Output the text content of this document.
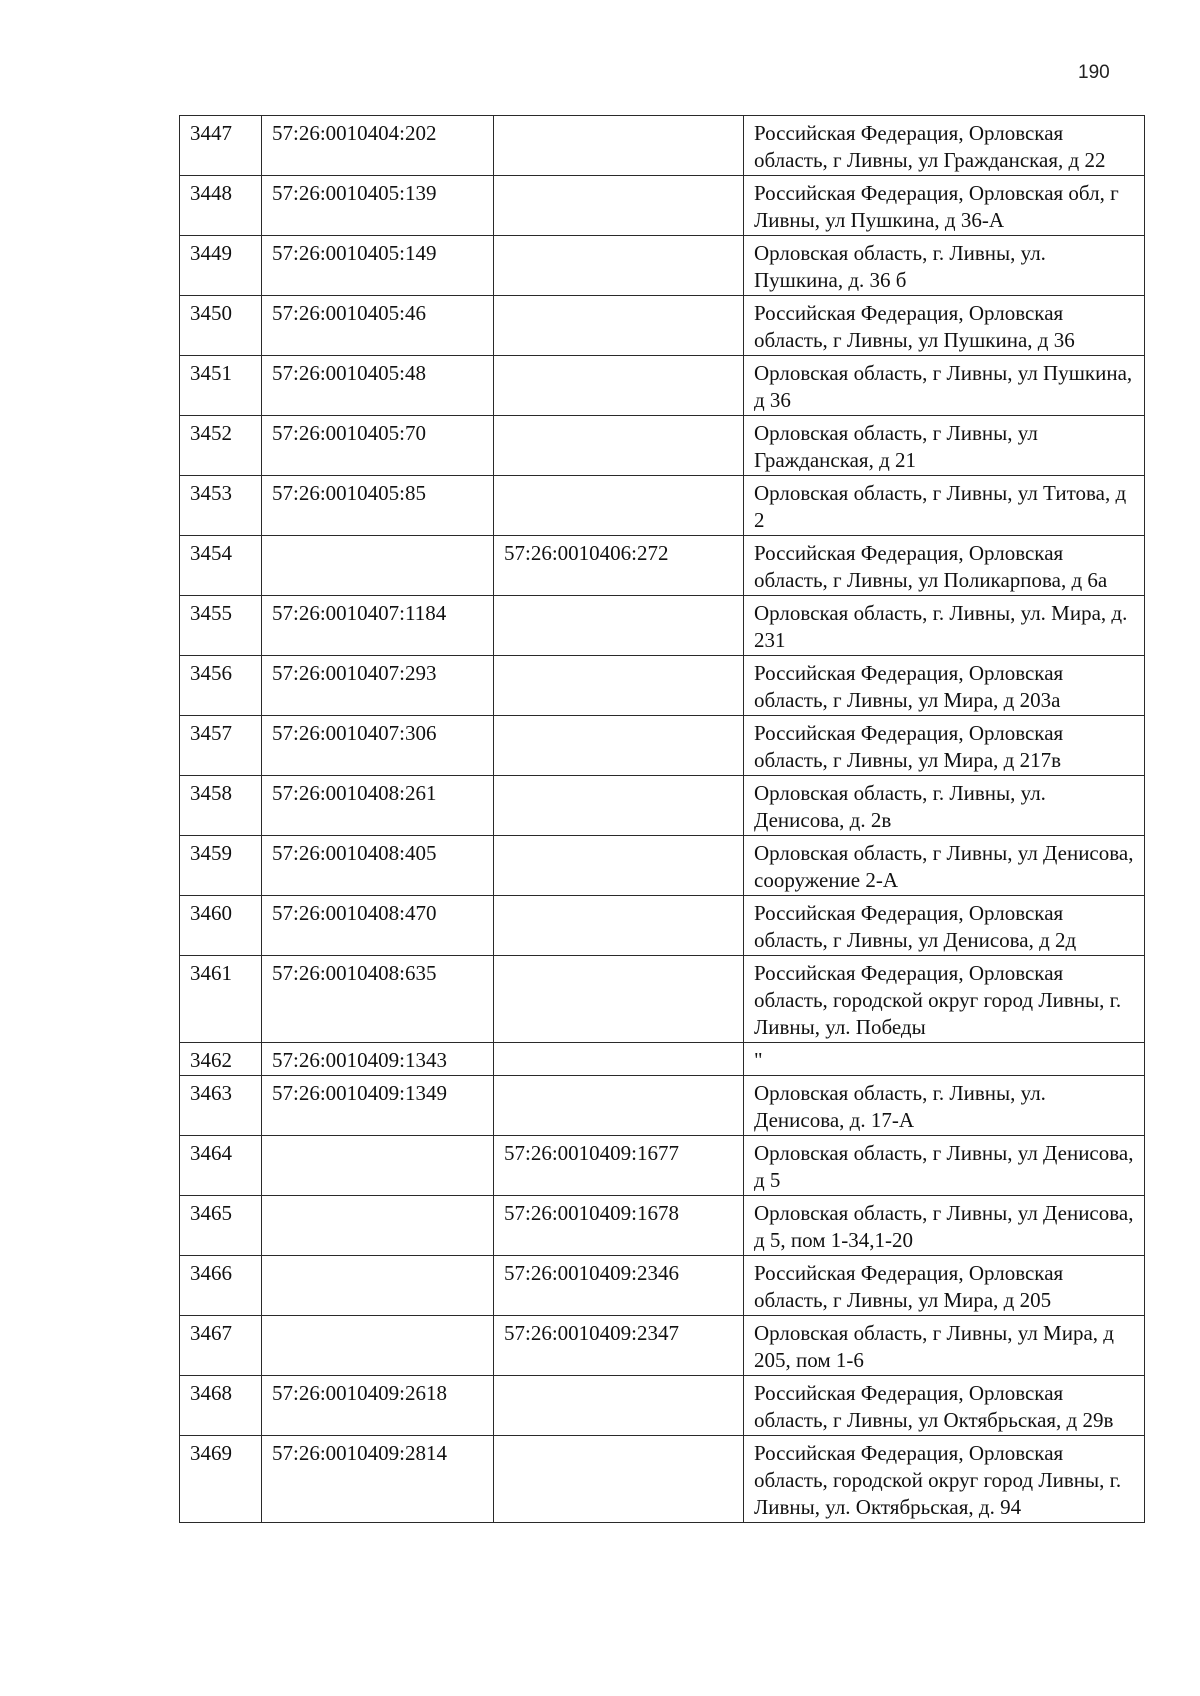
190
3447	57:26:0010404:202		Российская Федерация, Орловская область, г Ливны, ул Гражданская, д 22
3448	57:26:0010405:139		Российская Федерация, Орловская обл, г Ливны, ул Пушкина, д 36-А
3449	57:26:0010405:149		Орловская область, г. Ливны, ул. Пушкина, д. 36 б
3450	57:26:0010405:46		Российская Федерация, Орловская область, г Ливны, ул Пушкина, д 36
3451	57:26:0010405:48		Орловская область, г Ливны, ул Пушкина, д 36
3452	57:26:0010405:70		Орловская область, г Ливны, ул Гражданская, д 21
3453	57:26:0010405:85		Орловская область, г Ливны, ул Титова, д 2
3454		57:26:0010406:272	Российская Федерация, Орловская область, г Ливны, ул Поликарпова, д 6а
3455	57:26:0010407:1184		Орловская область, г. Ливны, ул. Мира, д. 231
3456	57:26:0010407:293		Российская Федерация, Орловская область, г Ливны, ул Мира, д 203а
3457	57:26:0010407:306		Российская Федерация, Орловская область, г Ливны, ул Мира, д 217в
3458	57:26:0010408:261		Орловская область, г. Ливны, ул. Денисова, д. 2в
3459	57:26:0010408:405		Орловская область, г Ливны, ул Денисова, сооружение 2-А
3460	57:26:0010408:470		Российская Федерация, Орловская область, г Ливны, ул Денисова, д 2д
3461	57:26:0010408:635		Российская Федерация, Орловская область, городской округ город Ливны, г. Ливны, ул. Победы
3462	57:26:0010409:1343		"
3463	57:26:0010409:1349		Орловская область, г. Ливны, ул. Денисова, д. 17-А
3464		57:26:0010409:1677	Орловская область, г Ливны, ул Денисова, д 5
3465		57:26:0010409:1678	Орловская область, г Ливны, ул Денисова, д 5, пом 1-34,1-20
3466		57:26:0010409:2346	Российская Федерация, Орловская область, г Ливны, ул Мира, д 205
3467		57:26:0010409:2347	Орловская область, г Ливны, ул Мира, д 205, пом 1-6
3468	57:26:0010409:2618		Российская Федерация, Орловская область, г Ливны, ул Октябрьская, д 29в
3469	57:26:0010409:2814		Российская Федерация, Орловская область, городской округ город Ливны, г. Ливны, ул. Октябрьская, д. 94
